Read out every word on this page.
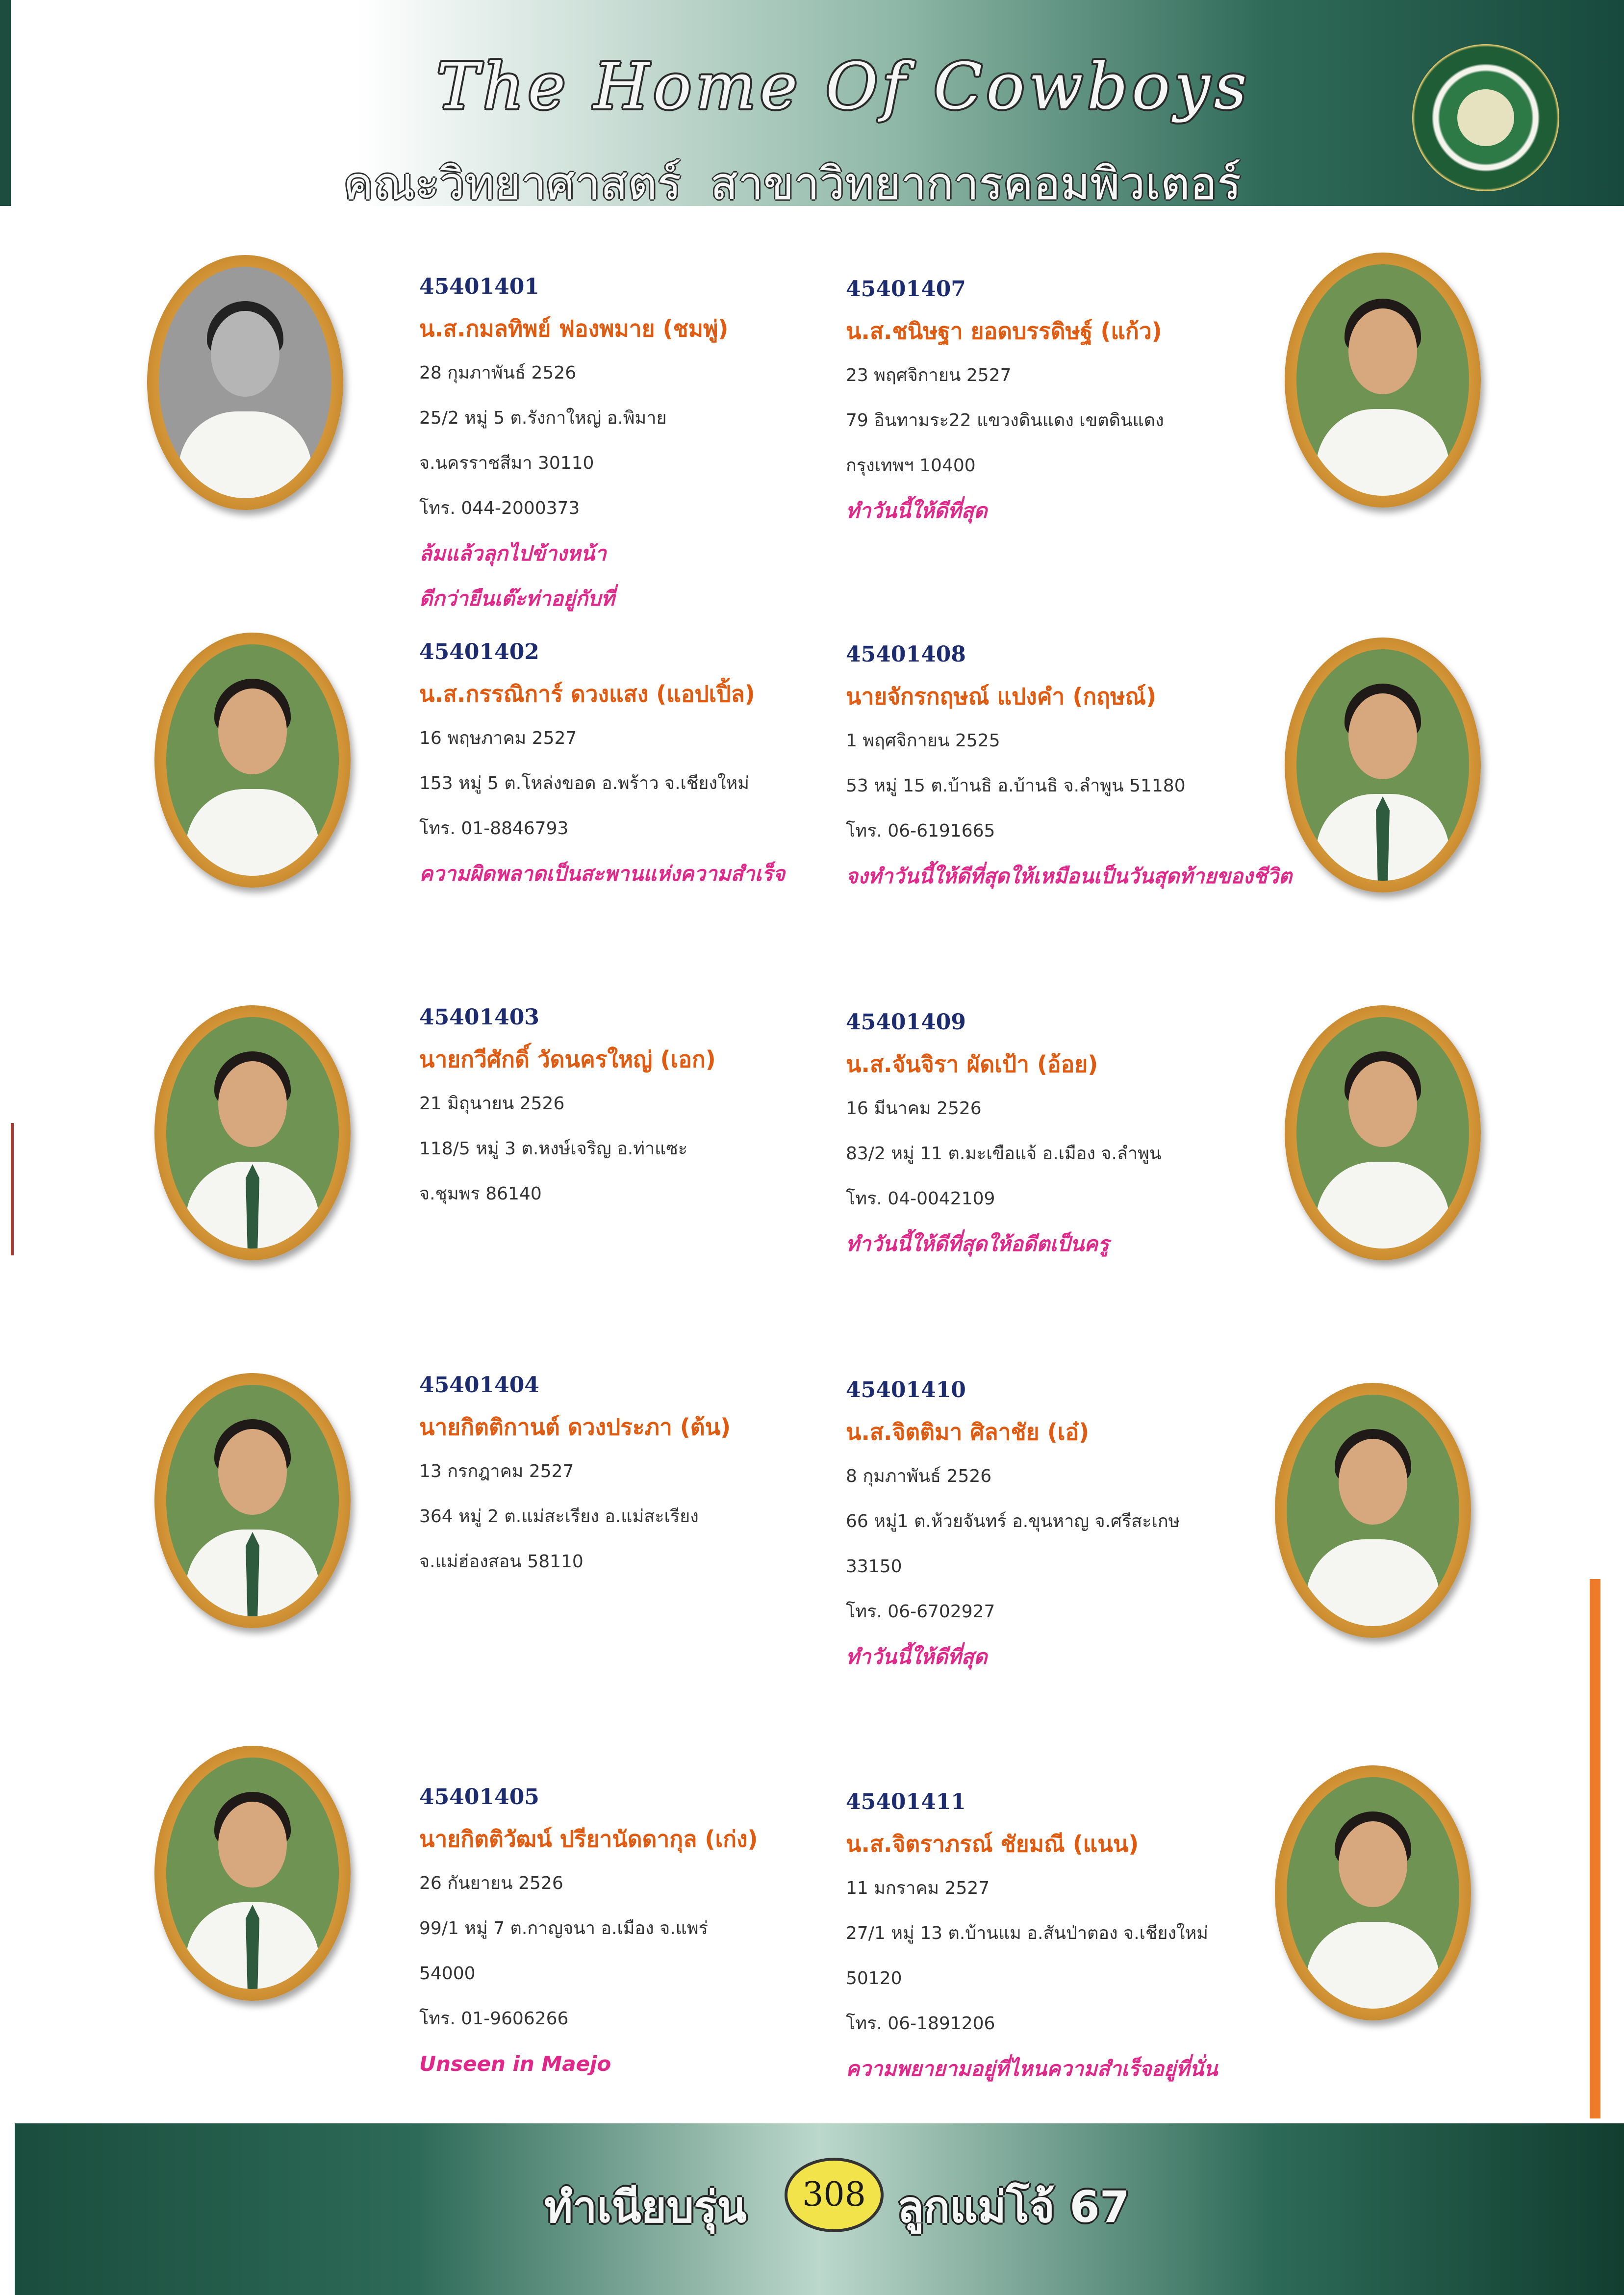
The Home Of Cowboys
คณะวิทยาศาสตร์ สาขาวิทยาการคอมพิวเตอร์
45401401
น.ส.กมลทิพย์ ฟองพมาย (ชมพู่)
28 กุมภาพันธ์ 2526
25/2 หมู่ 5 ต.รังกาใหญ่ อ.พิมาย
จ.นครราชสีมา 30110
โทร. 044-2000373
ล้มแล้วลุกไปข้างหน้า
ดีกว่ายืนเต๊ะท่าอยู่กับที่
45401407
น.ส.ชนิษฐา ยอดบรรดิษฐ์ (แก้ว)
23 พฤศจิกายน 2527
79 อินทามระ22 แขวงดินแดง เขตดินแดง
กรุงเทพฯ 10400
ทำวันนี้ให้ดีที่สุด
45401402
น.ส.กรรณิการ์ ดวงแสง (แอปเปิ้ล)
16 พฤษภาคม 2527
153 หมู่ 5 ต.โหล่งขอด อ.พร้าว จ.เชียงใหม่
โทร. 01-8846793
ความผิดพลาดเป็นสะพานแห่งความสำเร็จ
45401408
นายจักรกฤษณ์ แปงคำ (กฤษณ์)
1 พฤศจิกายน 2525
53 หมู่ 15 ต.บ้านธิ อ.บ้านธิ จ.ลำพูน 51180
โทร. 06-6191665
จงทำวันนี้ให้ดีที่สุดให้เหมือนเป็นวันสุดท้ายของชีวิต
45401403
นายกวีศักดิ์ วัดนครใหญ่ (เอก)
21 มิถุนายน 2526
118/5 หมู่ 3 ต.หงษ์เจริญ อ.ท่าแซะ
จ.ชุมพร 86140
45401409
น.ส.จันจิรา ผัดเป้า (อ้อย)
16 มีนาคม 2526
83/2 หมู่ 11 ต.มะเขือแจ้ อ.เมือง จ.ลำพูน
โทร. 04-0042109
ทำวันนี้ให้ดีที่สุดให้อดีตเป็นครู
45401404
นายกิตติกานต์ ดวงประภา (ต้น)
13 กรกฎาคม 2527
364 หมู่ 2 ต.แม่สะเรียง อ.แม่สะเรียง
จ.แม่ฮ่องสอน 58110
45401410
น.ส.จิตติมา ศิลาชัย (เอ๋)
8 กุมภาพันธ์ 2526
66 หมู่1 ต.ห้วยจันทร์ อ.ขุนหาญ จ.ศรีสะเกษ
33150
โทร. 06-6702927
ทำวันนี้ให้ดีที่สุด
45401405
นายกิตติวัฒน์ ปรียานัดดากุล (เก่ง)
26 กันยายน 2526
99/1 หมู่ 7 ต.กาญจนา อ.เมือง จ.แพร่
54000
โทร. 01-9606266
Unseen in Maejo
45401411
น.ส.จิตราภรณ์ ชัยมณี (แนน)
11 มกราคม 2527
27/1 หมู่ 13 ต.บ้านแม อ.สันป่าตอง จ.เชียงใหม่
50120
โทร. 06-1891206
ความพยายามอยู่ที่ไหนความสำเร็จอยู่ที่นั่น
ทำเนียบรุ่น	308 ลูกแม่โจ้ 67
